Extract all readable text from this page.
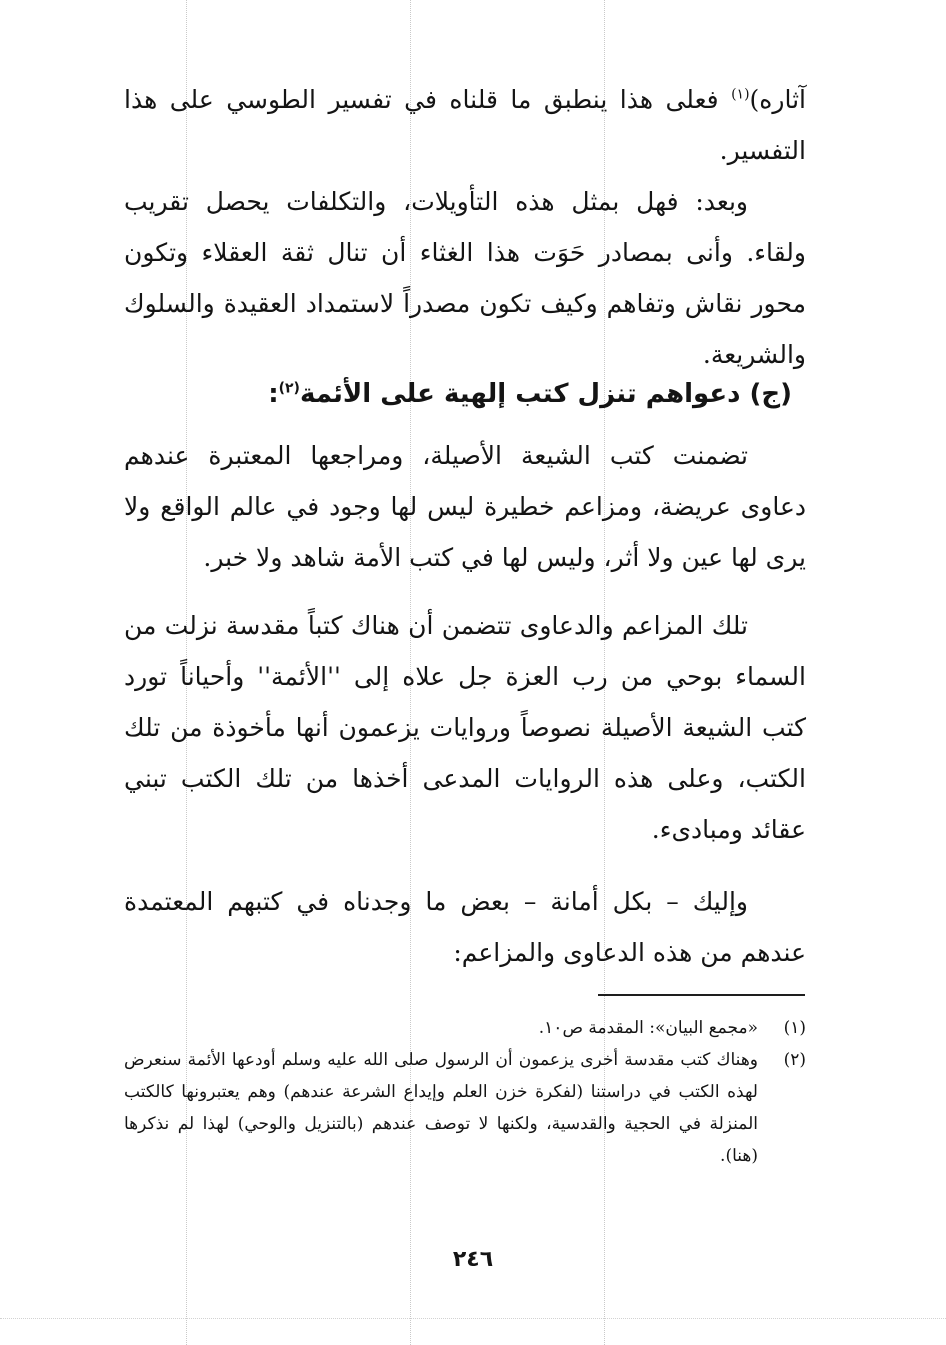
آثاره)$^{(١)}$ فعلى هذا ينطبق ما قلناه في تفسير الطوسي على هذا التفسير.

وبعد: فهل بمثل هذه التأويلات، والتكلفات يحصل تقريب ولقاء. وأنى بمصادر حَوَت هذا الغثاء أن تنال ثقة العقلاء وتكون محور نقاش وتفاهم وكيف تكون مصدراً لاستمداد العقيدة والسلوك والشريعة.

(ج) دعواهم تنزل كتب إلهية على الأئمة$^{(٢)}$:

تضمنت كتب الشيعة الأصيلة، ومراجعها المعتبرة عندهم دعاوى عريضة، ومزاعم خطيرة ليس لها وجود في عالم الواقع ولا يرى لها عين ولا أثر، وليس لها في كتب الأمة شاهد ولا خبر.

تلك المزاعم والدعاوى تتضمن أن هناك كتباً مقدسة نزلت من السماء بوحي من رب العزة جل علاه إلى ''الأئمة'' وأحياناً تورد كتب الشيعة الأصيلة نصوصاً وروايات يزعمون أنها مأخوذة من تلك الكتب، وعلى هذه الروايات المدعى أخذها من تلك الكتب تبني عقائد ومبادىء.

وإليك – بكل أمانة – بعض ما وجدناه في كتبهم المعتمدة عندهم من هذه الدعاوى والمزاعم:

(١)
«مجمع البيان»: المقدمة ص١٠.
(٢)
وهناك كتب مقدسة أخرى يزعمون أن الرسول صلى الله عليه وسلم أودعها الأئمة سنعرض لهذه الكتب في دراستنا (لفكرة خزن العلم وإيداع الشرعة عندهم) وهم يعتبرونها كالكتب المنزلة في الحجية والقدسية، ولكنها لا توصف عندهم (بالتنزيل والوحي) لهذا لم نذكرها (هنا).
٢٤٦
